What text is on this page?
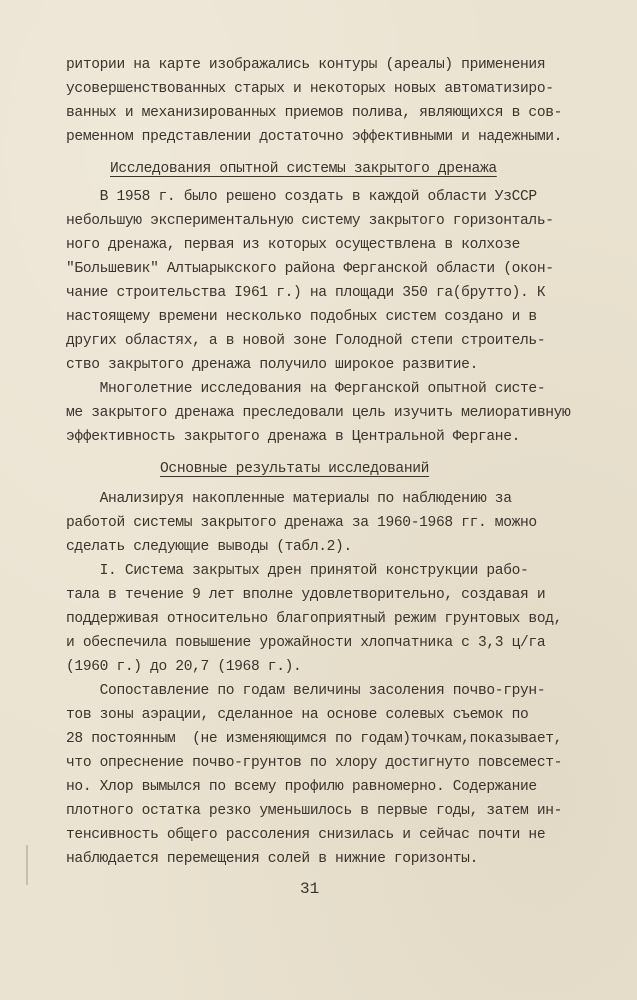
ритории на карте изображались контуры (ареалы) применения
усовершенствованных старых и некоторых новых автоматизиро-
ванных и механизированных приемов полива, являющихся в сов-
ременном представлении достаточно эффективными и надежными.
Исследования опытной системы закрытого дренажа
В 1958 г. было решено создать в каждой области УзССР
небольшую экспериментальную систему закрытого горизонталь-
ного дренажа, первая из которых осуществлена в колхозе
"Большевик" Алтыарыкского района Ферганской области (окон-
чание строительства I961 г.) на площади 350 га(брутто). К
настоящему времени несколько подобных систем создано и в
других областях, а в новой зоне Голодной степи строитель-
ство закрытого дренажа получило широкое развитие.
Многолетние исследования на Ферганской опытной систе-
ме закрытого дренажа преследовали цель изучить мелиоративную
эффективность закрытого дренажа в Центральной Фергане.
Основные результаты исследований
Анализируя накопленные материалы по наблюдению за
работой системы закрытого дренажа за 1960-1968 гг. можно
сделать следующие выводы (табл.2).
I. Система закрытых дрен принятой конструкции рабо-
тала в течение 9 лет вполне удовлетворительно, создавая и
поддерживая относительно благоприятный режим грунтовых вод,
и обеспечила повышение урожайности хлопчатника с 3,3 ц/га
(1960 г.) до 20,7 (1968 г.).
Сопоставление по годам величины засоления почво-грун-
тов зоны аэрации, сделанное на основе солевых съемок по
28 постоянным  (не изменяющимся по годам)точкам,показывает,
что опреснение почво-грунтов по хлору достигнуто повсемест-
но. Хлор вымылся по всему профилю равномерно. Содержание
плотного остатка резко уменьшилось в первые годы, затем ин-
тенсивность общего рассоления снизилась и сейчас почти не
наблюдается перемещения солей в нижние горизонты.
31
